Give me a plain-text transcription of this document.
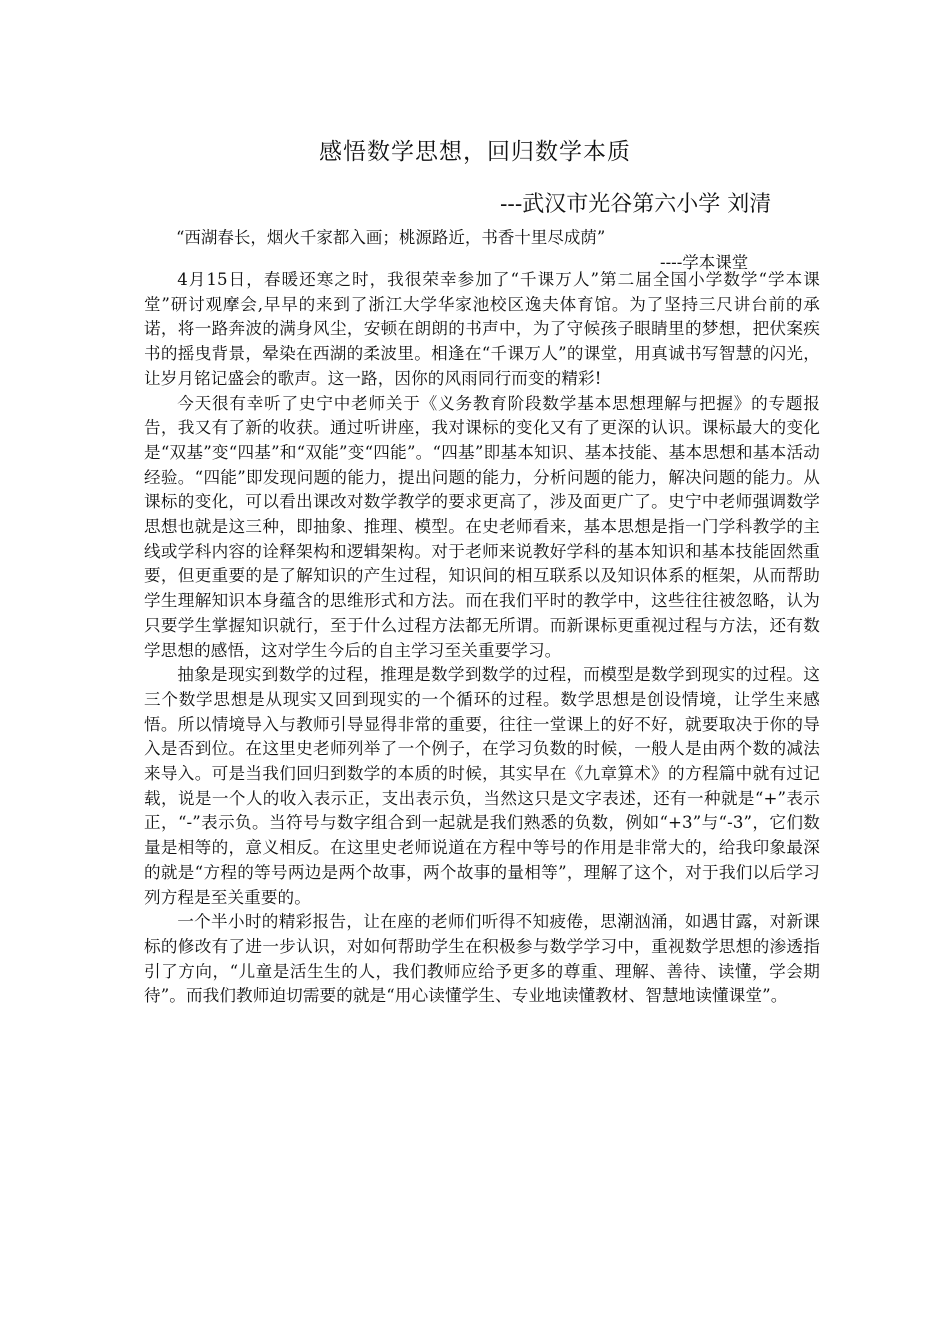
感悟数学思想，回归数学本质

---武汉市光谷第六小学 刘清

“西湖春长，烟火千家都入画；桃源路近，书香十里尽成荫”

----学本课堂

4月15日，春暖还寒之时，我很荣幸参加了“千课万人”第二届全国小学数学“学本课堂”研讨观摩会,早早的来到了浙江大学华家池校区逸夫体育馆。为了坚持三尺讲台前的承诺，将一路奔波的满身风尘，安顿在朗朗的书声中，为了守候孩子眼睛里的梦想，把伏案疾书的摇曳背景，晕染在西湖的柔波里。相逢在“千课万人”的课堂，用真诚书写智慧的闪光，让岁月铭记盛会的歌声。这一路，因你的风雨同行而变的精彩!

今天很有幸听了史宁中老师关于《义务教育阶段数学基本思想理解与把握》的专题报告，我又有了新的收获。通过听讲座，我对课标的变化又有了更深的认识。课标最大的变化是“双基”变“四基”和“双能”变“四能”。“四基”即基本知识、基本技能、基本思想和基本活动经验。“四能”即发现问题的能力，提出问题的能力，分析问题的能力，解决问题的能力。从课标的变化，可以看出课改对数学教学的要求更高了，涉及面更广了。史宁中老师强调数学思想也就是这三种，即抽象、推理、模型。在史老师看来，基本思想是指一门学科教学的主线或学科内容的诠释架构和逻辑架构。对于老师来说教好学科的基本知识和基本技能固然重要，但更重要的是了解知识的产生过程，知识间的相互联系以及知识体系的框架，从而帮助学生理解知识本身蕴含的思维形式和方法。而在我们平时的教学中，这些往往被忽略，认为只要学生掌握知识就行，至于什么过程方法都无所谓。而新课标更重视过程与方法，还有数学思想的感悟，这对学生今后的自主学习至关重要学习。

抽象是现实到数学的过程，推理是数学到数学的过程，而模型是数学到现实的过程。这三个数学思想是从现实又回到现实的一个循环的过程。数学思想是创设情境，让学生来感悟。所以情境导入与教师引导显得非常的重要，往往一堂课上的好不好，就要取决于你的导入是否到位。在这里史老师列举了一个例子，在学习负数的时候，一般人是由两个数的减法来导入。可是当我们回归到数学的本质的时候，其实早在《九章算术》的方程篇中就有过记载，说是一个人的收入表示正，支出表示负，当然这只是文字表述，还有一种就是“+”表示正，“-”表示负。当符号与数字组合到一起就是我们熟悉的负数，例如“+3”与“-3”，它们数量是相等的，意义相反。在这里史老师说道在方程中等号的作用是非常大的，给我印象最深的就是“方程的等号两边是两个故事，两个故事的量相等”，理解了这个，对于我们以后学习列方程是至关重要的。

一个半小时的精彩报告，让在座的老师们听得不知疲倦，思潮汹涌，如遇甘露，对新课标的修改有了进一步认识，对如何帮助学生在积极参与数学学习中，重视数学思想的渗透指引了方向，“儿童是活生生的人，我们教师应给予更多的尊重、理解、善待、读懂，学会期待”。而我们教师迫切需要的就是“用心读懂学生、专业地读懂教材、智慧地读懂课堂”。
